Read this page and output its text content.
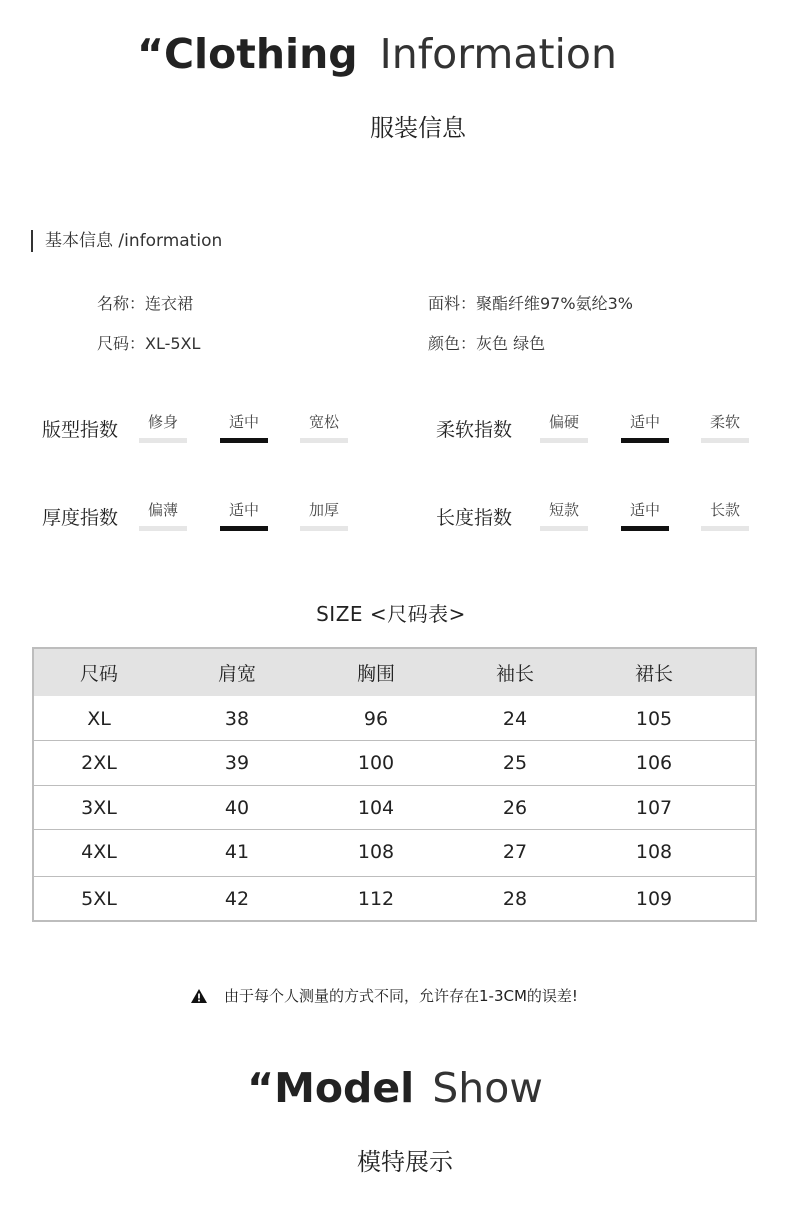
“Clothing Information
服装信息
基本信息 /information
名称：连衣裙	面料：聚酯纤维97%氨纶3%
尺码：XL-5XL	颜色：灰色 绿色
版型指数	修身	适中	宽松	柔软指数	偏硬	适中	柔软
厚度指数	偏薄	适中	加厚	长度指数	短款	适中	长款
SIZE <尺码表>
尺码	肩宽	胸围	袖长	裙长
XL	38	96	24	105
2XL	39	100	25	106
3XL	40	104	26	107
4XL	41	108	27	108
5XL	42	112	28	109
由于每个人测量的方式不同，允许存在1-3CM的误差!
“Model Show
模特展示
